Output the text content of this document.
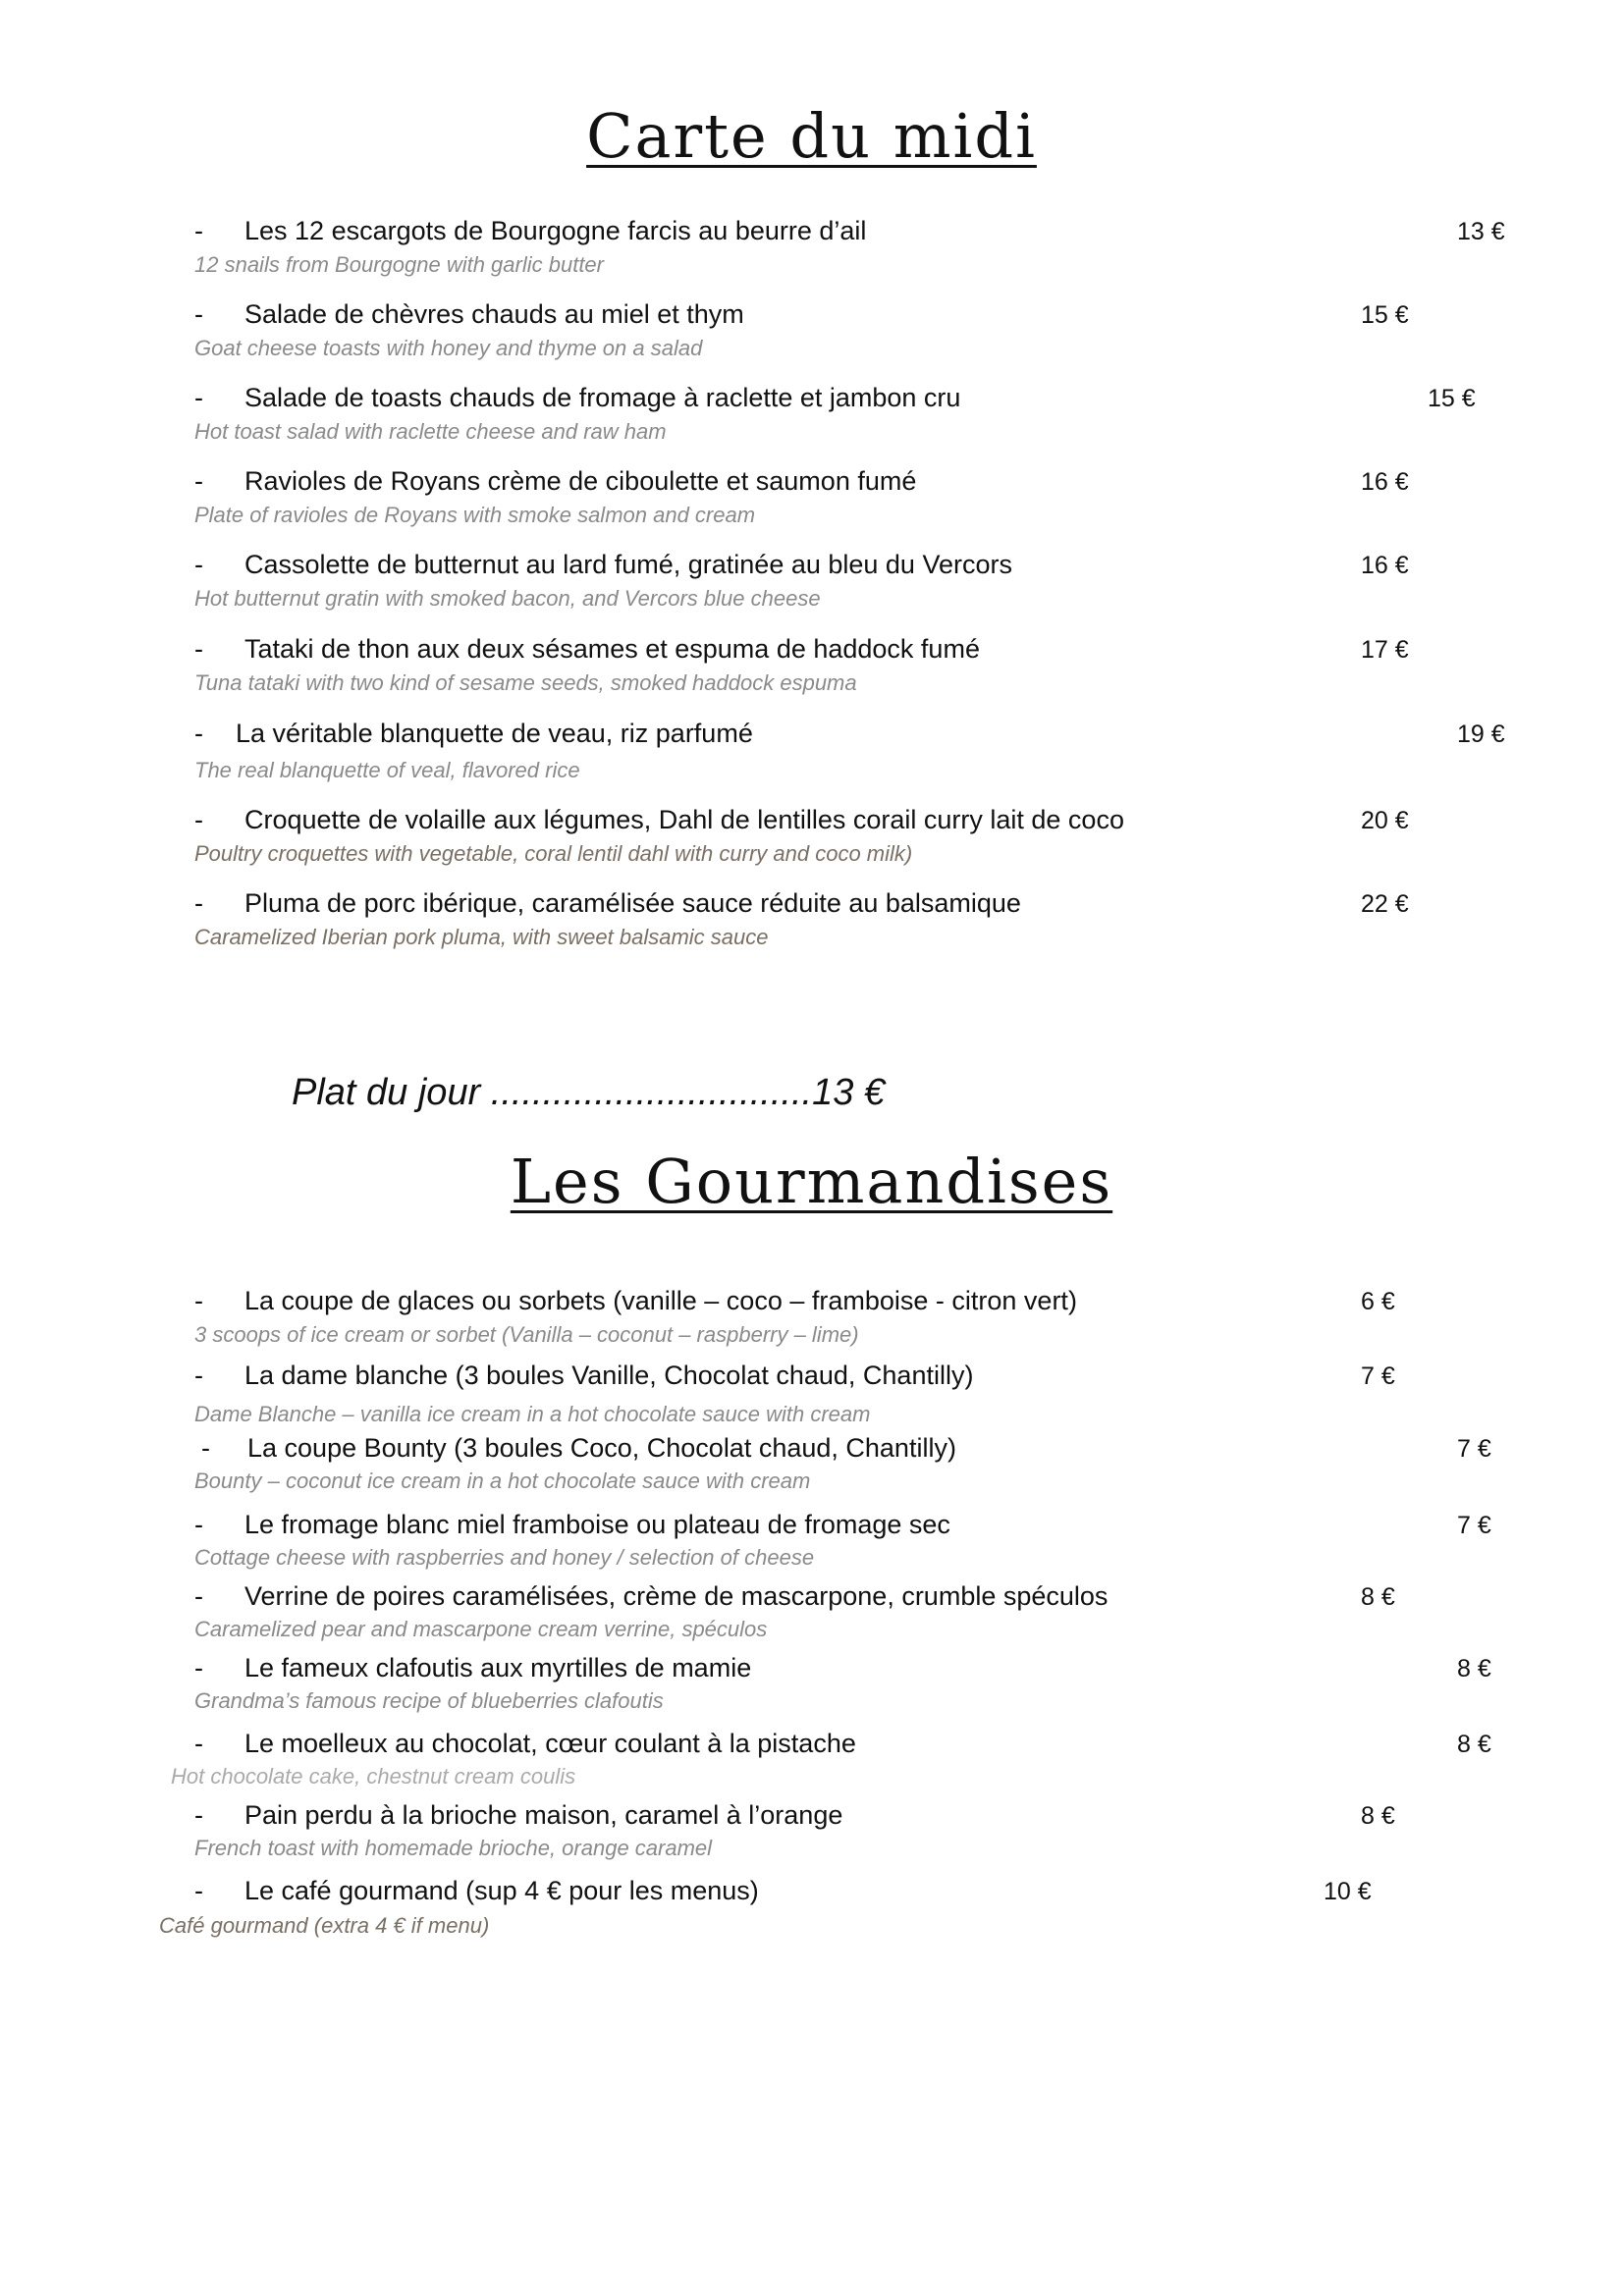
Carte du midi
- Les 12 escargots de Bourgogne farcis au beurre d’ail
12 snails from Bourgogne with garlic butter
13 €
- Salade de chèvres chauds au miel et thym
Goat cheese toasts with honey and thyme on a salad
15 €
- Salade de toasts chauds de fromage à raclette et jambon cru
Hot toast salad with raclette cheese and raw ham
15 €
- Ravioles de Royans crème de ciboulette et saumon fumé
Plate of ravioles de Royans with smoke salmon and cream
16 €
- Cassolette de butternut au lard fumé, gratinée au bleu du Vercors
Hot butternut gratin with smoked bacon, and Vercors blue cheese
16 €
- Tataki de thon aux deux sésames et espuma de haddock fumé
Tuna tataki with two kind of sesame seeds, smoked haddock espuma
17 €
- La véritable blanquette de veau, riz parfumé
The real blanquette of veal, flavored rice
19 €
- Croquette de volaille aux légumes, Dahl de lentilles corail curry lait de coco
Poultry croquettes with vegetable, coral lentil dahl with curry and coco milk)
20 €
- Pluma de porc ibérique, caramélisée sauce réduite au balsamique
Caramelized Iberian pork pluma, with sweet balsamic sauce
22 €
Plat du jour ...............................13 €
Les Gourmandises
- La coupe de glaces ou sorbets (vanille – coco – framboise - citron vert)
3 scoops of ice cream or sorbet (Vanilla – coconut – raspberry – lime)
6 €
- La dame blanche (3 boules Vanille, Chocolat chaud, Chantilly)
Dame Blanche – vanilla ice cream in a hot chocolate sauce with cream
7 €
- La coupe Bounty (3 boules Coco, Chocolat chaud, Chantilly)
Bounty – coconut ice cream in a hot chocolate sauce with cream
7 €
- Le fromage blanc miel framboise ou plateau de fromage sec
Cottage cheese with raspberries and honey / selection of cheese
7 €
- Verrine de poires caramélisées, crème de mascarpone, crumble spéculos
Caramelized pear and mascarpone cream verrine, spéculos
8 €
- Le fameux clafoutis aux myrtilles de mamie
Grandma’s famous recipe of blueberries clafoutis
8 €
- Le moelleux au chocolat, cœur coulant à la pistache
Hot chocolate cake, chestnut cream coulis
8 €
- Pain perdu à la brioche maison, caramel à l’orange
French toast with homemade brioche, orange caramel
8 €
- Le café gourmand (sup 4 € pour les menus)
Café gourmand (extra 4 € if menu)
10 €
